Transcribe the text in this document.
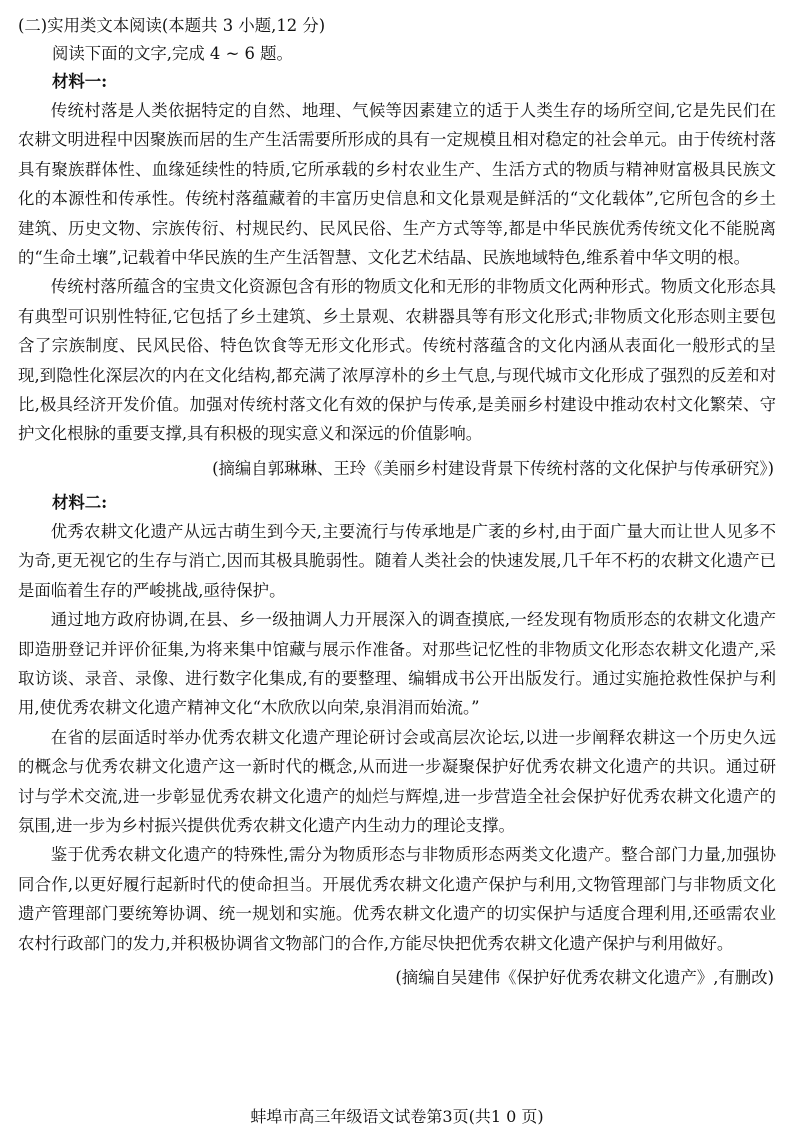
(二)实用类文本阅读(本题共 3 小题,12 分)
阅读下面的文字,完成 4 ~ 6 题。
材料一:

传统村落是人类依据特定的自然、地理、气候等因素建立的适于人类生存的场所空间,它是先民们在农耕文明进程中因聚族而居的生产生活需要所形成的具有一定规模且相对稳定的社会单元。由于传统村落具有聚族群体性、血缘延续性的特质,它所承载的乡村农业生产、生活方式的物质与精神财富极具民族文化的本源性和传承性。传统村落蕴藏着的丰富历史信息和文化景观是鲜活的“文化载体”,它所包含的乡土建筑、历史文物、宗族传衍、村规民约、民风民俗、生产方式等等,都是中华民族优秀传统文化不能脱离的“生命土壤”,记载着中华民族的生产生活智慧、文化艺术结晶、民族地域特色,维系着中华文明的根。

传统村落所蕴含的宝贵文化资源包含有形的物质文化和无形的非物质文化两种形式。物质文化形态具有典型可识别性特征,它包括了乡土建筑、乡土景观、农耕器具等有形文化形式;非物质文化形态则主要包含了宗族制度、民风民俗、特色饮食等无形文化形式。传统村落蕴含的文化内涵从表面化一般形式的呈现,到隐性化深层次的内在文化结构,都充满了浓厚淳朴的乡土气息,与现代城市文化形成了强烈的反差和对比,极具经济开发价值。加强对传统村落文化有效的保护与传承,是美丽乡村建设中推动农村文化繁荣、守护文化根脉的重要支撑,具有积极的现实意义和深远的价值影响。

(摘编自郭琳琳、王玲《美丽乡村建设背景下传统村落的文化保护与传承研究》)
材料二:

优秀农耕文化遗产从远古萌生到今天,主要流行与传承地是广袤的乡村,由于面广量大而让世人见多不为奇,更无视它的生存与消亡,因而其极具脆弱性。随着人类社会的快速发展,几千年不朽的农耕文化遗产已是面临着生存的严峻挑战,亟待保护。

通过地方政府协调,在县、乡一级抽调人力开展深入的调查摸底,一经发现有物质形态的农耕文化遗产即造册登记并评价征集,为将来集中馆藏与展示作准备。对那些记忆性的非物质文化形态农耕文化遗产,采取访谈、录音、录像、进行数字化集成,有的要整理、编辑成书公开出版发行。通过实施抢救性保护与利用,使优秀农耕文化遗产精神文化“木欣欣以向荣,泉涓涓而始流。”

在省的层面适时举办优秀农耕文化遗产理论研讨会或高层次论坛,以进一步阐释农耕这一个历史久远的概念与优秀农耕文化遗产这一新时代的概念,从而进一步凝聚保护好优秀农耕文化遗产的共识。通过研讨与学术交流,进一步彰显优秀农耕文化遗产的灿烂与辉煌,进一步营造全社会保护好优秀农耕文化遗产的氛围,进一步为乡村振兴提供优秀农耕文化遗产内生动力的理论支撑。

鉴于优秀农耕文化遗产的特殊性,需分为物质形态与非物质形态两类文化遗产。整合部门力量,加强协同合作,以更好履行起新时代的使命担当。开展优秀农耕文化遗产保护与利用,文物管理部门与非物质文化遗产管理部门要统筹协调、统一规划和实施。优秀农耕文化遗产的切实保护与适度合理利用,还亟需农业农村行政部门的发力,并积极协调省文物部门的合作,方能尽快把优秀农耕文化遗产保护与利用做好。

(摘编自吴建伟《保护好优秀农耕文化遗产》,有删改)
蚌埠市高三年级语文试卷第3页(共1 0 页)
